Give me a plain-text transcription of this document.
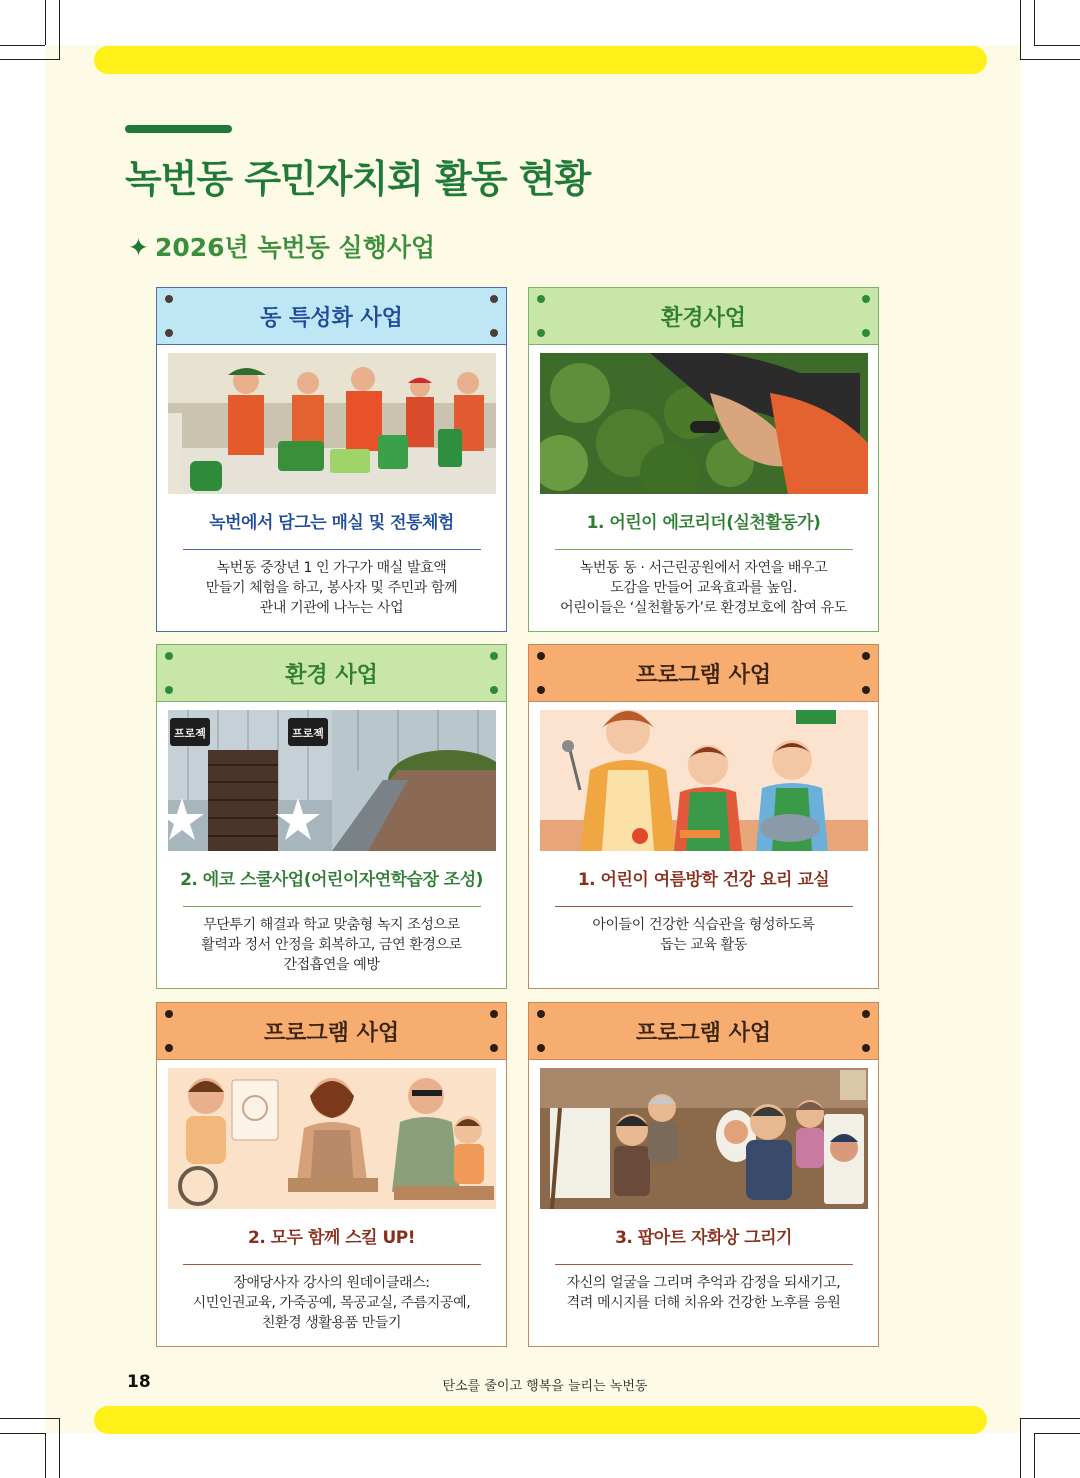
녹번동 주민자치회 활동 현황
✦ 2026년 녹번동 실행사업
동 특성화 사업
녹번에서 담그는 매실 및 전통체험
녹번동 중장년 1 인 가구가 매실 발효액
만들기 체험을 하고, 봉사자 및 주민과 함께
관내 기관에 나누는 사업
환경사업
1. 어린이 에코리더(실천활동가)
녹번동 동 · 서근린공원에서 자연을 배우고
도감을 만들어 교육효과를 높임.
어린이들은 ‘실천활동가’로 환경보호에 참여 유도
환경 사업
프로젝	프로젝
2. 에코 스쿨사업(어린이자연학습장 조성)
무단투기 해결과 학교 맞춤형 녹지 조성으로
활력과 정서 안정을 회복하고, 금연 환경으로
간접흡연을 예방
프로그램 사업
1. 어린이 여름방학 건강 요리 교실
아이들이 건강한 식습관을 형성하도록
돕는 교육 활동
프로그램 사업
2. 모두 함께 스킬 UP!
장애당사자 강사의 원데이클래스:
시민인권교육, 가죽공예, 목공교실, 주름지공예,
친환경 생활용품 만들기
프로그램 사업
3. 팝아트 자화상 그리기
자신의 얼굴을 그리며 추억과 감정을 되새기고,
격려 메시지를 더해 치유와 건강한 노후를 응원
18	탄소를 줄이고 행복을 늘리는 녹번동
